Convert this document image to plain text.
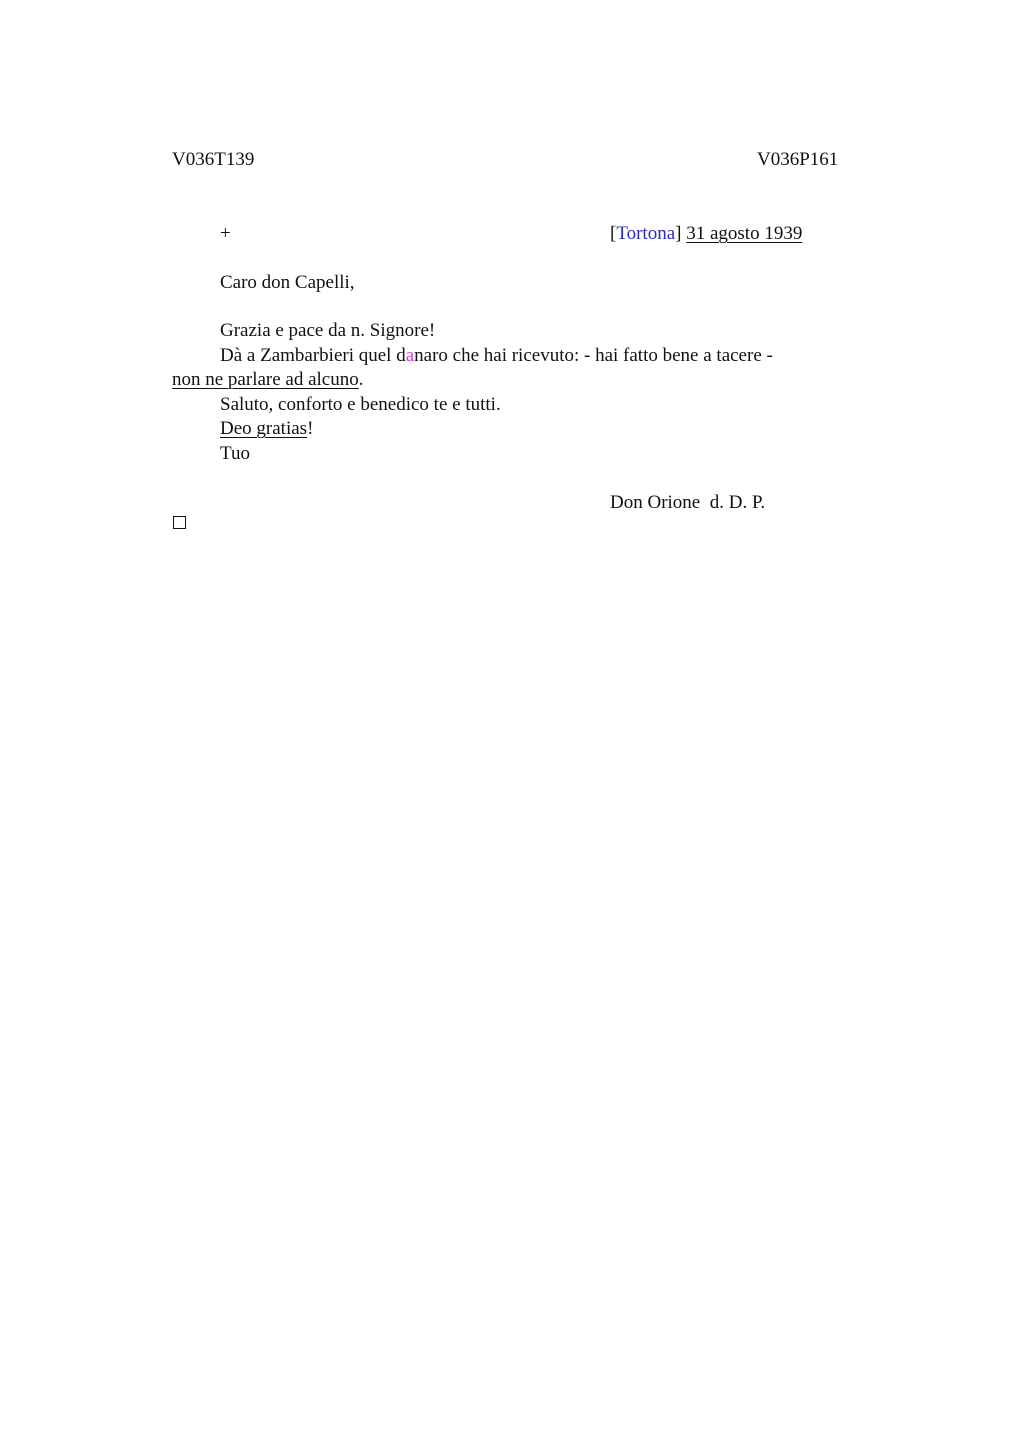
V036T139	V036P161
+	[Tortona] 31 agosto 1939
Caro don Capelli,
Grazia e pace da n. Signore!
Dà a Zambarbieri quel danaro che hai ricevuto: - hai fatto bene a tacere -
non ne parlare ad alcuno.
Saluto, conforto e benedico te e tutti.
Deo gratias!
Tuo
Don Orione  d. D. P.
